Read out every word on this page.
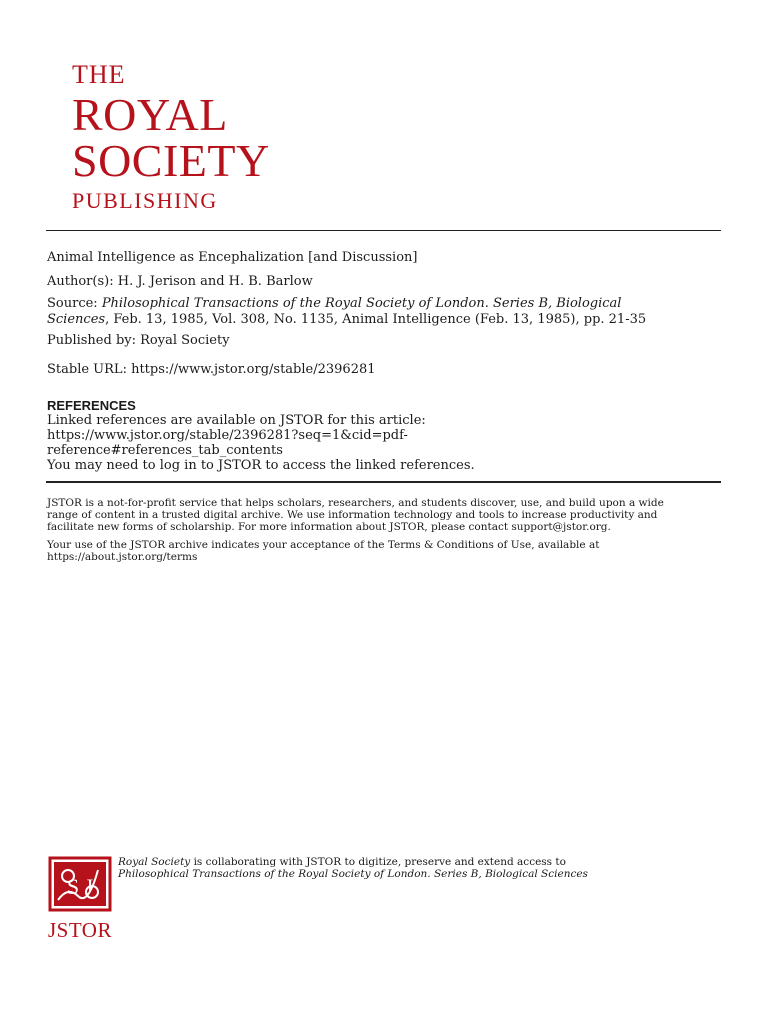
THE
ROYAL
SOCIETY
PUBLISHING
Animal Intelligence as Encephalization [and Discussion]
Author(s): H. J. Jerison and H. B. Barlow
Source: Philosophical Transactions of the Royal Society of London. Series B, Biological
Sciences, Feb. 13, 1985, Vol. 308, No. 1135, Animal Intelligence (Feb. 13, 1985), pp. 21-35
Published by: Royal Society
Stable URL: https://www.jstor.org/stable/2396281
REFERENCES
Linked references are available on JSTOR for this article:
https://www.jstor.org/stable/2396281?seq=1&cid=pdf-
reference#references_tab_contents
You may need to log in to JSTOR to access the linked references.
JSTOR is a not-for-profit service that helps scholars, researchers, and students discover, use, and build upon a wide
range of content in a trusted digital archive. We use information technology and tools to increase productivity and
facilitate new forms of scholarship. For more information about JSTOR, please contact support@jstor.org.
Your use of the JSTOR archive indicates your acceptance of the Terms & Conditions of Use, available at
https://about.jstor.org/terms
S J
JSTOR
Royal Society is collaborating with JSTOR to digitize, preserve and extend access to
Philosophical Transactions of the Royal Society of London. Series B, Biological Sciences
